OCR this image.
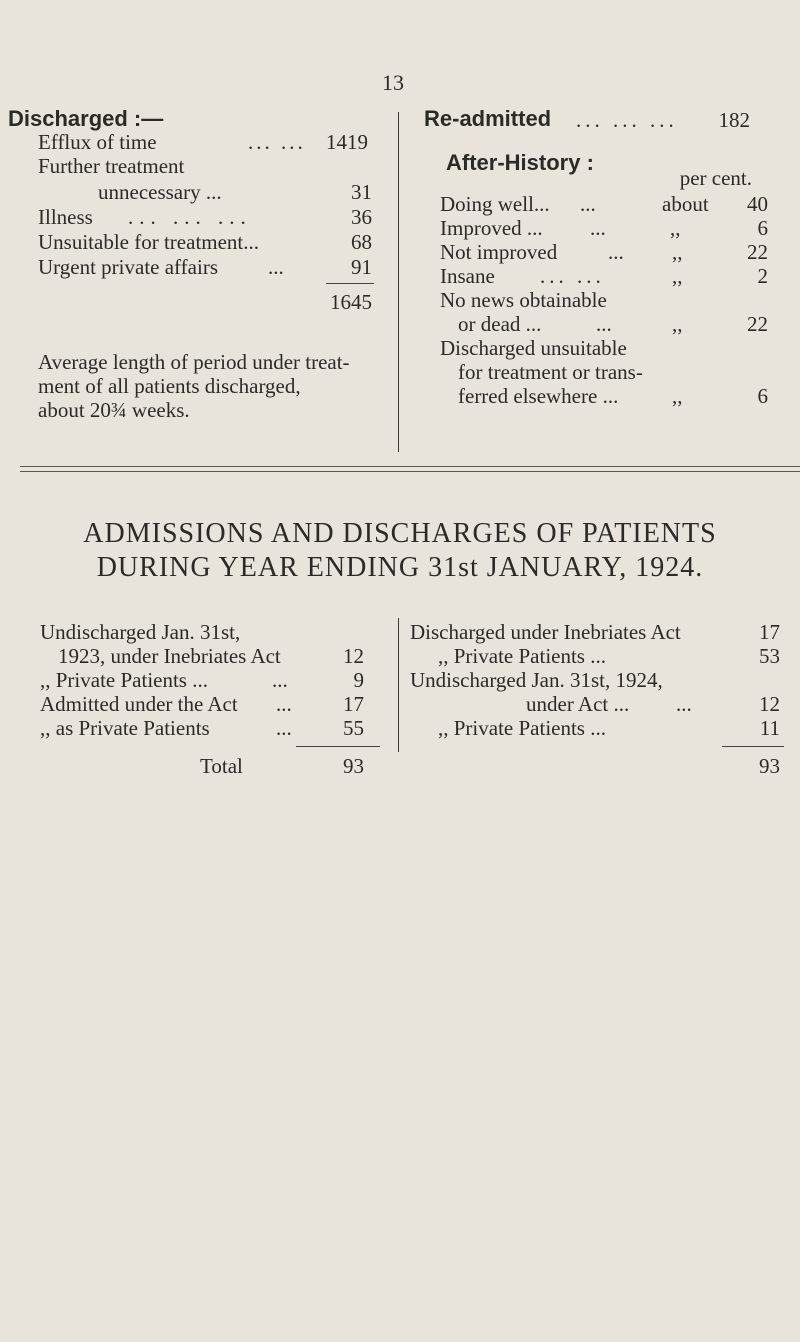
13
Discharged :—
Efflux of time	... ... 1419
Further treatment
unnecessary ...	31
Illness ... ... ...	36
Unsuitable for treatment...	68
Urgent private affairs ...	91
1645
Average length of period under treat-
ment of all patients discharged,
about 20¾ weeks.
Re-admitted ... ... ... 182
After-History :
per cent.
Doing well... ...	about 40
Improved ... ...	,,	6
Not improved ... ,,	22
Insane ... ...	,,	2
No news obtainable
or dead ...	...	,,	22
Discharged unsuitable
for treatment or trans-
ferred elsewhere ...	,,	6
ADMISSIONS AND DISCHARGES OF PATIENTS
DURING YEAR ENDING 31st JANUARY, 1924.
Undischarged Jan. 31st,
1923, under Inebriates Act	12
,, Private Patients ...	...	9
Admitted under the Act ... 17
,, as Private Patients	... 55
Total	93
Discharged under Inebriates Act	17
,, Private Patients ...	53
Undischarged Jan. 31st, 1924,
under Act ... ...	12
,, Private Patients ...	11
93
